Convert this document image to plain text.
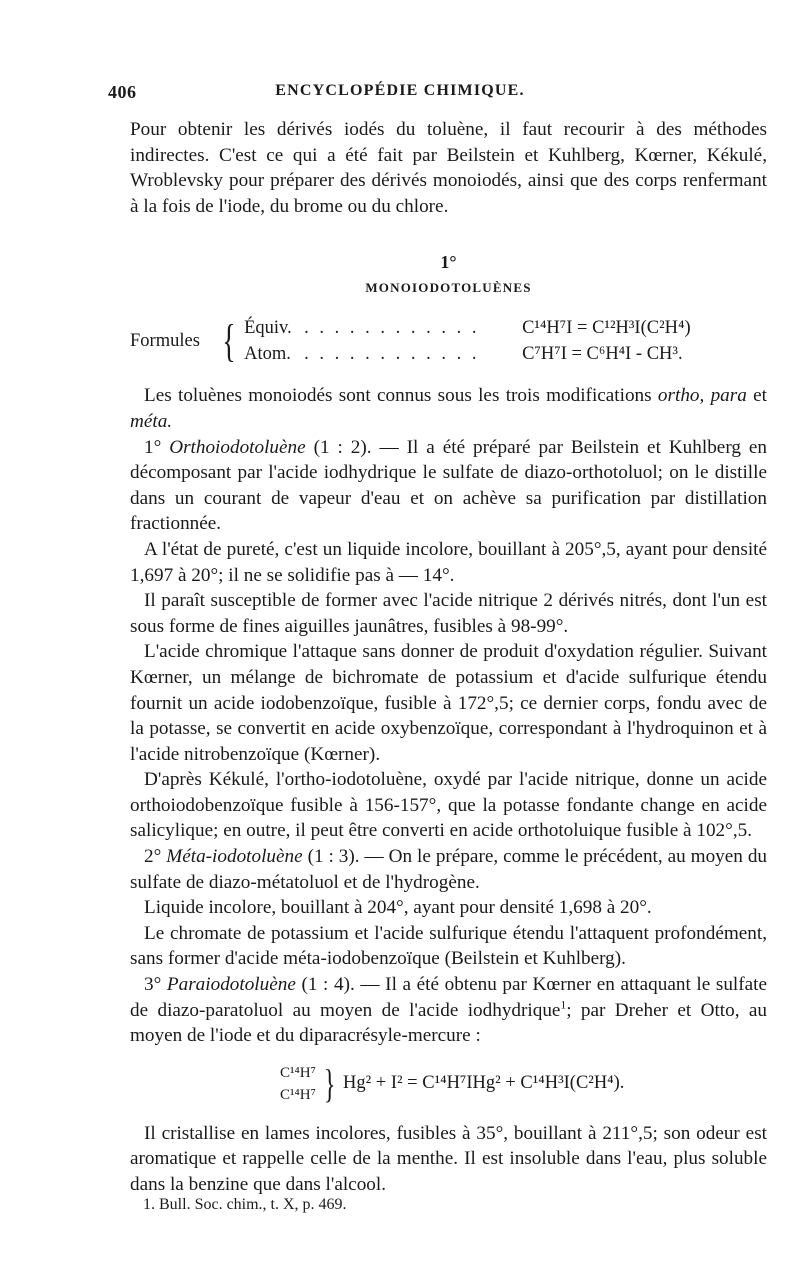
406	ENCYCLOPÉDIE CHIMIQUE.

Pour obtenir les dérivés iodés du toluène, il faut recourir à des méthodes indirectes. C'est ce qui a été fait par Beilstein et Kuhlberg, Kœrner, Kékulé, Wroblevsky pour préparer des dérivés monoiodés, ainsi que des corps renfermant à la fois de l'iode, du brome ou du chlore.

1°
MONOIODOTOLUÈNES
Formules { Équiv. . . . . . . . . . . . .	C¹⁴H⁷I = C¹²H³I(C²H⁴)
Atom. . . . . . . . . . . . .	C⁷H⁷I = C⁶H⁴I - CH³.

Les toluènes monoiodés sont connus sous les trois modifications ortho, para et méta.

1° Orthoiodotoluène (1 : 2). — Il a été préparé par Beilstein et Kuhlberg en décomposant par l'acide iodhydrique le sulfate de diazo-orthotoluol; on le distille dans un courant de vapeur d'eau et on achève sa purification par distillation fractionnée.

A l'état de pureté, c'est un liquide incolore, bouillant à 205°,5, ayant pour densité 1,697 à 20°; il ne se solidifie pas à — 14°.

Il paraît susceptible de former avec l'acide nitrique 2 dérivés nitrés, dont l'un est sous forme de fines aiguilles jaunâtres, fusibles à 98-99°.

L'acide chromique l'attaque sans donner de produit d'oxydation régulier. Suivant Kœrner, un mélange de bichromate de potassium et d'acide sulfurique étendu fournit un acide iodobenzoïque, fusible à 172°,5; ce dernier corps, fondu avec de la potasse, se convertit en acide oxybenzoïque, correspondant à l'hydroquinon et à l'acide nitrobenzoïque (Kœrner).

D'après Kékulé, l'ortho-iodotoluène, oxydé par l'acide nitrique, donne un acide orthoiodobenzoïque fusible à 156-157°, que la potasse fondante change en acide salicylique; en outre, il peut être converti en acide orthotoluique fusible à 102°,5.

2° Méta-iodotoluène (1 : 3). — On le prépare, comme le précédent, au moyen du sulfate de diazo-métatoluol et de l'hydrogène.

Liquide incolore, bouillant à 204°, ayant pour densité 1,698 à 20°.

Le chromate de potassium et l'acide sulfurique étendu l'attaquent profondément, sans former d'acide méta-iodobenzoïque (Beilstein et Kuhlberg).

3° Paraiodotoluène (1 : 4). — Il a été obtenu par Kœrner en attaquant le sulfate de diazo-paratoluol au moyen de l'acide iodhydrique$^1$; par Dreher et Otto, au moyen de l'iode et du diparacrésyle-mercure :

C¹⁴H⁷
C¹⁴H⁷ } Hg² + I² = C¹⁴H⁷IHg² + C¹⁴H³I(C²H⁴).

Il cristallise en lames incolores, fusibles à 35°, bouillant à 211°,5; son odeur est aromatique et rappelle celle de la menthe. Il est insoluble dans l'eau, plus soluble dans la benzine que dans l'alcool.

1. Bull. Soc. chim., t. X, p. 469.
